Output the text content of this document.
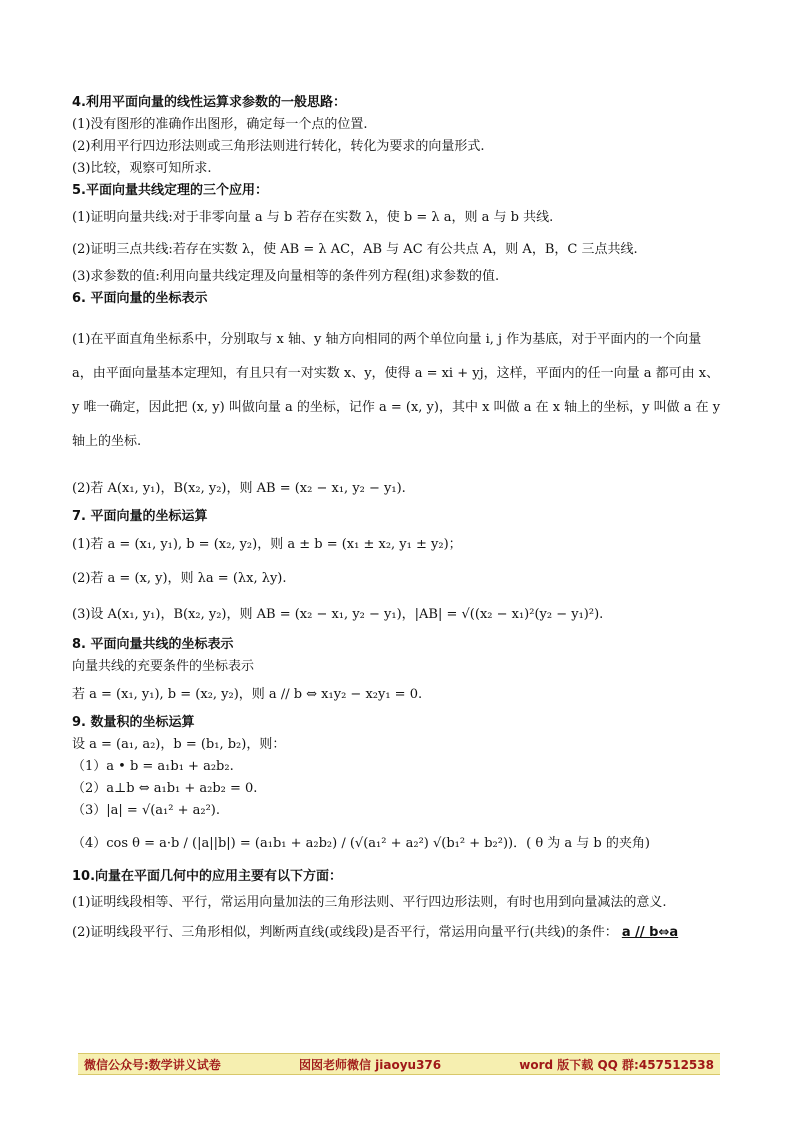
4.利用平面向量的线性运算求参数的一般思路：

(1)没有图形的准确作出图形，确定每一个点的位置.

(2)利用平行四边形法则或三角形法则进行转化，转化为要求的向量形式.

(3)比较，观察可知所求.

5.平面向量共线定理的三个应用：

(1)证明向量共线:对于非零向量 a 与 b 若存在实数 λ，使 b = λ a，则 a 与 b 共线.

(2)证明三点共线:若存在实数 λ，使 AB = λ AC，AB 与 AC 有公共点 A，则 A，B，C 三点共线.

(3)求参数的值:利用向量共线定理及向量相等的条件列方程(组)求参数的值.

6. 平面向量的坐标表示

(1)在平面直角坐标系中，分别取与 x 轴、y 轴方向相同的两个单位向量 i, j 作为基底，对于平面内的一个向量 a，由平面向量基本定理知，有且只有一对实数 x、y，使得 a = xi + yj，这样，平面内的任一向量 a 都可由 x、y 唯一确定，因此把 (x, y) 叫做向量 a 的坐标，记作 a = (x, y)，其中 x 叫做 a 在 x 轴上的坐标，y 叫做 a 在 y 轴上的坐标.

(2)若 A(x₁, y₁)，B(x₂, y₂)，则 AB = (x₂ − x₁, y₂ − y₁).

7. 平面向量的坐标运算

(1)若 a = (x₁, y₁), b = (x₂, y₂)，则 a ± b = (x₁ ± x₂, y₁ ± y₂)；

(2)若 a = (x, y)，则 λa = (λx, λy).

(3)设 A(x₁, y₁)，B(x₂, y₂)，则 AB = (x₂ − x₁, y₂ − y₁)，|AB| = √((x₂ − x₁)²(y₂ − y₁)²).

8. 平面向量共线的坐标表示

向量共线的充要条件的坐标表示

若 a = (x₁, y₁), b = (x₂, y₂)，则 a // b ⇔ x₁y₂ − x₂y₁ = 0.

9. 数量积的坐标运算

设 a = (a₁, a₂)，b = (b₁, b₂)，则：

（1）a • b = a₁b₁ + a₂b₂.

（2）a⊥b ⇔ a₁b₁ + a₂b₂ = 0.

（3）|a| = √(a₁² + a₂²).

（4）cos θ = a·b / (|a||b|) = (a₁b₁ + a₂b₂) / (√(a₁² + a₂²) √(b₁² + b₂²))．( θ 为 a 与 b 的夹角)

10.向量在平面几何中的应用主要有以下方面：

(1)证明线段相等、平行，常运用向量加法的三角形法则、平行四边形法则，有时也用到向量减法的意义.

(2)证明线段平行、三角形相似，判断两直线(或线段)是否平行，常运用向量平行(共线)的条件： a // b⇔a

微信公众号:数学讲义试卷	囡囡老师微信 jiaoyu376	word 版下载 QQ 群:457512538
